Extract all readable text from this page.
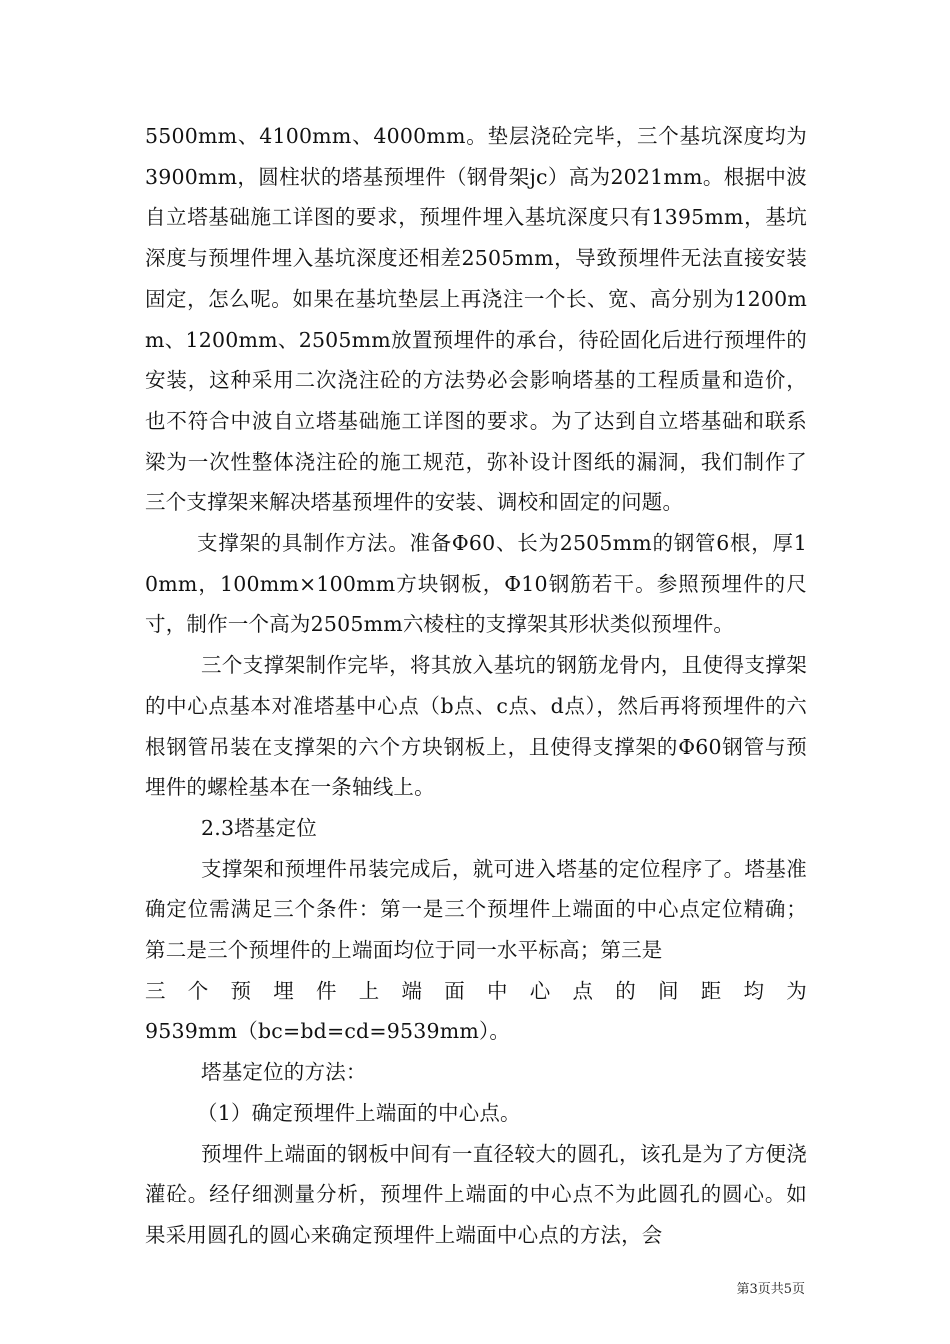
5500mm、4100mm、4000mm。垫层浇砼完毕，三个基坑深度均为3900mm，圆柱状的塔基预埋件（钢骨架jc）高为2021mm。根据中波自立塔基础施工详图的要求，预埋件埋入基坑深度只有1395mm，基坑深度与预埋件埋入基坑深度还相差2505mm，导致预埋件无法直接安装固定，怎么呢。如果在基坑垫层上再浇注一个长、宽、高分别为1200mm、1200mm、2505mm放置预埋件的承台，待砼固化后进行预埋件的安装，这种采用二次浇注砼的方法势必会影响塔基的工程质量和造价，也不符合中波自立塔基础施工详图的要求。为了达到自立塔基础和联系梁为一次性整体浇注砼的施工规范，弥补设计图纸的漏洞，我们制作了三个支撑架来解决塔基预埋件的安装、调校和固定的问题。

支撑架的具制作方法。准备Φ60、长为2505mm的钢管6根，厚10mm，100mm×100mm方块钢板，Φ10钢筋若干。参照预埋件的尺寸，制作一个高为2505mm六棱柱的支撑架其形状类似预埋件。

三个支撑架制作完毕，将其放入基坑的钢筋龙骨内，且使得支撑架的中心点基本对准塔基中心点（b点、c点、d点），然后再将预埋件的六根钢管吊装在支撑架的六个方块钢板上，且使得支撑架的Φ60钢管与预埋件的螺栓基本在一条轴线上。

2.3塔基定位

支撑架和预埋件吊装完成后，就可进入塔基的定位程序了。塔基准确定位需满足三个条件：第一是三个预埋件上端面的中心点定位精确；第二是三个预埋件的上端面均位于同一水平标高；第三是

三 个 预 埋 件 上 端 面 中 心 点 的 间 距 均 为

9539mm（bc=bd=cd=9539mm）。

塔基定位的方法：

（1）确定预埋件上端面的中心点。

预埋件上端面的钢板中间有一直径较大的圆孔，该孔是为了方便浇灌砼。经仔细测量分析，预埋件上端面的中心点不为此圆孔的圆心。如果采用圆孔的圆心来确定预埋件上端面中心点的方法，会

第3页共5页
